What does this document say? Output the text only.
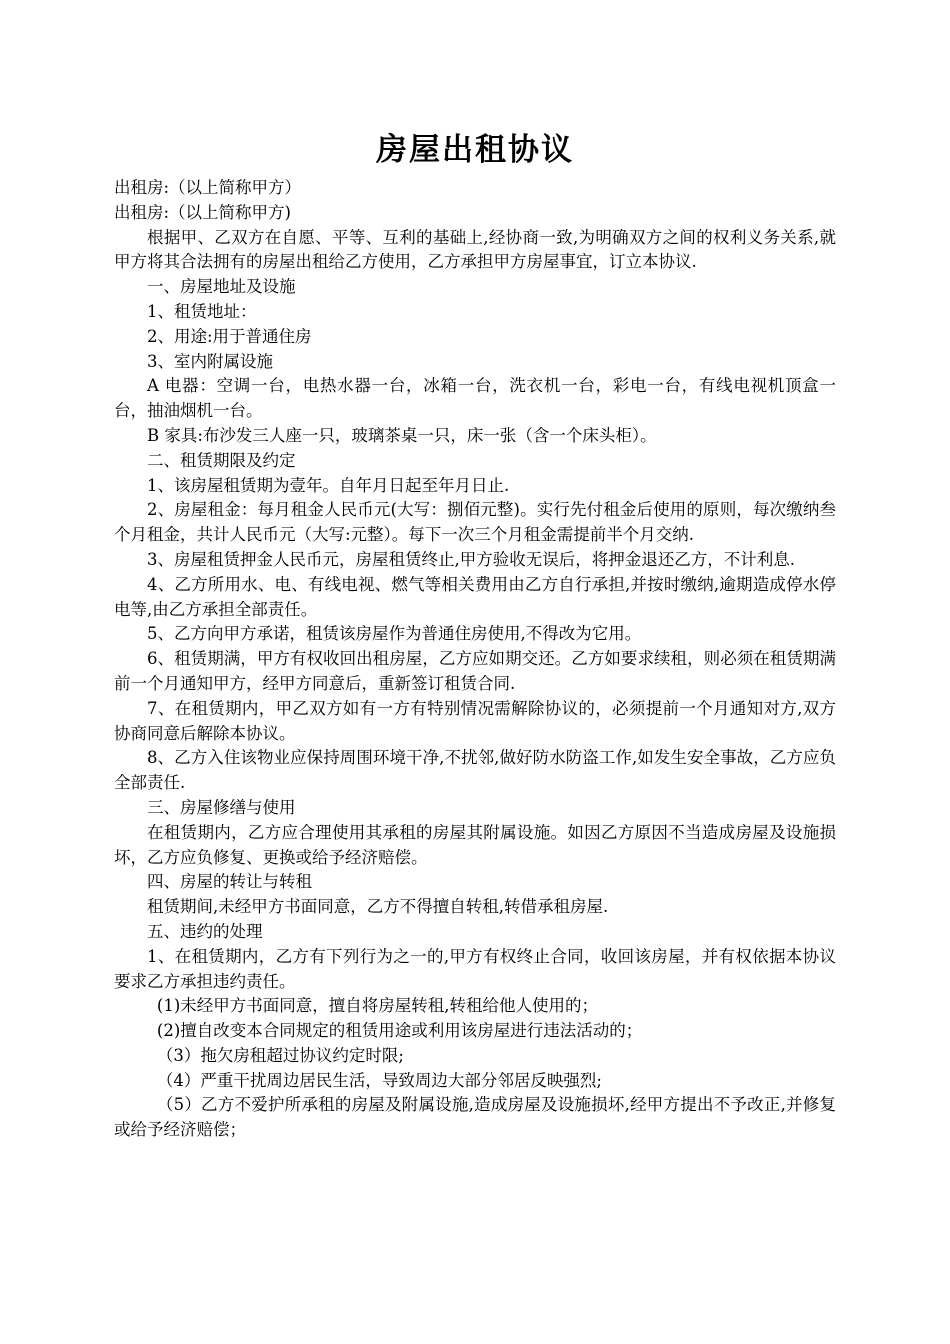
房屋出租协议

出租房:（以上简称甲方）

出租房:（以上简称甲方)

根据甲、乙双方在自愿、平等、互利的基础上,经协商一致,为明确双方之间的权利义务关系,就甲方将其合法拥有的房屋出租给乙方使用，乙方承担甲方房屋事宜，订立本协议.

一、房屋地址及设施

1、租赁地址：

2、用途:用于普通住房

3、室内附属设施

A 电器：空调一台，电热水器一台，冰箱一台，洗衣机一台，彩电一台，有线电视机顶盒一台，抽油烟机一台。

B 家具:布沙发三人座一只，玻璃茶桌一只，床一张（含一个床头柜）。

二、租赁期限及约定

1、该房屋租赁期为壹年。自年月日起至年月日止.

2、房屋租金：每月租金人民币元(大写：捌佰元整)。实行先付租金后使用的原则，每次缴纳叁个月租金，共计人民币元（大写:元整）。每下一次三个月租金需提前半个月交纳.

3、房屋租赁押金人民币元，房屋租赁终止,甲方验收无误后，将押金退还乙方，不计利息.

4、乙方所用水、电、有线电视、燃气等相关费用由乙方自行承担,并按时缴纳,逾期造成停水停电等,由乙方承担全部责任。

5、乙方向甲方承诺，租赁该房屋作为普通住房使用,不得改为它用。

6、租赁期满，甲方有权收回出租房屋，乙方应如期交还。乙方如要求续租，则必须在租赁期满前一个月通知甲方，经甲方同意后，重新签订租赁合同.

7、在租赁期内，甲乙双方如有一方有特别情况需解除协议的，必须提前一个月通知对方,双方协商同意后解除本协议。

8、乙方入住该物业应保持周围环境干净,不扰邻,做好防水防盗工作,如发生安全事故，乙方应负全部责任.

三、房屋修缮与使用

在租赁期内，乙方应合理使用其承租的房屋其附属设施。如因乙方原因不当造成房屋及设施损坏，乙方应负修复、更换或给予经济赔偿。

四、房屋的转让与转租

租赁期间,未经甲方书面同意，乙方不得擅自转租,转借承租房屋.

五、违约的处理

1、在租赁期内，乙方有下列行为之一的,甲方有权终止合同，收回该房屋，并有权依据本协议要求乙方承担违约责任。

(1)未经甲方书面同意，擅自将房屋转租,转租给他人使用的；

(2)擅自改变本合同规定的租赁用途或利用该房屋进行违法活动的；

（3）拖欠房租超过协议约定时限;

（4）严重干扰周边居民生活，导致周边大部分邻居反映强烈;

（5）乙方不爱护所承租的房屋及附属设施,造成房屋及设施损坏,经甲方提出不予改正,并修复或给予经济赔偿；
